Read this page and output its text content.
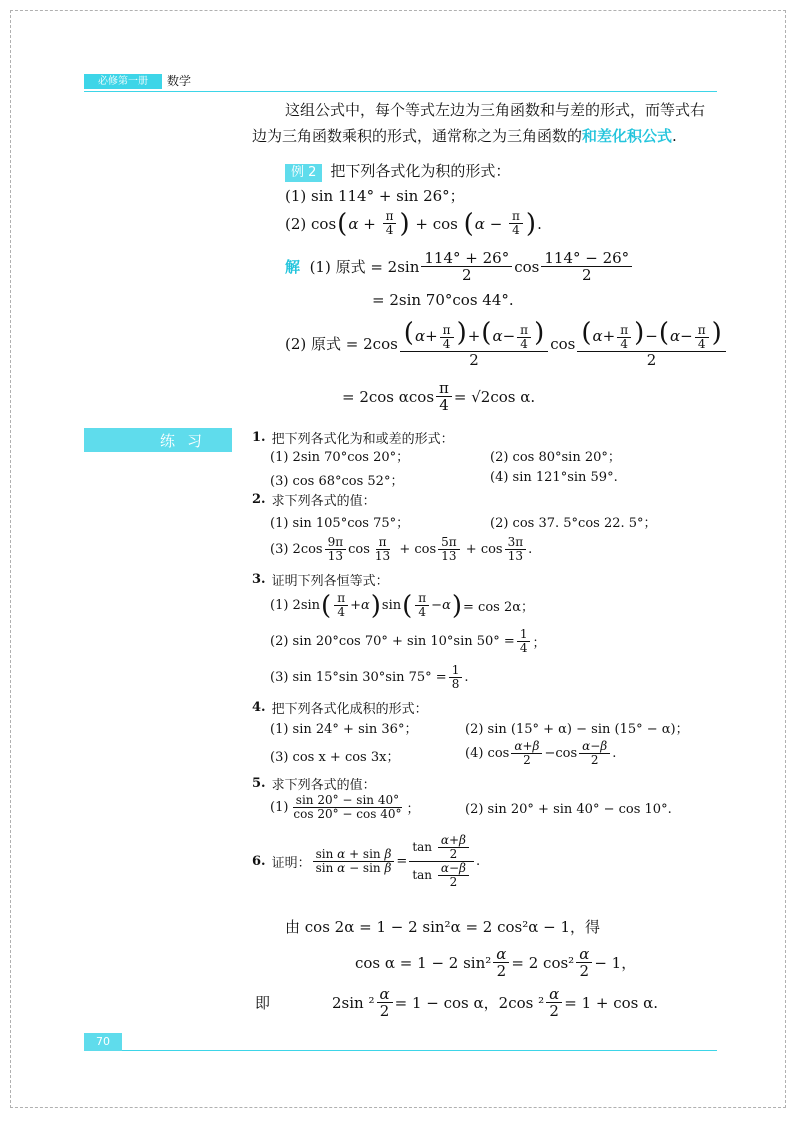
必修第一册	数学
这组公式中，每个等式左边为三角函数和与差的形式，而等式右
边为三角函数乘积的形式，通常称之为三角函数的和差化积公式.
例 2 把下列各式化为积的形式：
(1) sin 114° + sin 26°；
(2) cos ( $\alpha + \frac{\pi}{4}$ ) + cos ( $\alpha - \frac{\pi}{4}$ ) .
解
(1) 原式 = $2\sin \frac{114^\circ + 26^\circ}{2}$ $\cos \frac{114^\circ - 26^\circ}{2}$
= 2sin 70°cos 44°.
(2) 原式 = $2\cos \frac{(\alpha+ \frac{\pi}{4} )+(\alpha- \frac{\pi}{4} )}{2}$ $\cos \frac{(\alpha+ \frac{\pi}{4} )-(\alpha- \frac{\pi}{4} )}{2}$
= 2cos αcos $\frac{\pi}{4} = √2\cos$ α.
练习	1. 把下列各式化为和或差的形式：
(1) 2sin 70°cos 20°；	(2) cos 80°sin 20°；
(3) cos 68°cos 52°；	(4) sin 121°sin 59°.
2. 求下列各式的值：
(1) sin 105°cos 75°；	(2) cos 37. 5°cos 22. 5°；
(3) $2\cos \frac{9\pi}{13}$ $\cos \frac{\pi}{13} + \cos \frac{5\pi}{13} + \cos \frac{3\pi}{13}$ .
3. 证明下列各恒等式：
(1) 2sin ( $\frac{\pi}{4} + \alpha$ ) sin ( $\frac{\pi}{4} - \alpha$ ) = cos 2α；
(2) sin 20°cos 70° + sin 10°sin $50^\circ = \frac{1}{4}$ ；
(3) sin 15°sin 30°sin $75^\circ = \frac{1}{8}$ .
4. 把下列各式化成积的形式：
(1) sin 24° + sin 36°；	(2) sin (15° + α) − sin (15° − α)；
(3) cos x + cos 3x；	(4) $\cos \frac{\alpha+\beta}{2} -\cos \frac{\alpha-\beta}{2}$ .
5. 求下列各式的值：
$(1) \frac{\sin 20^\circ - \sin 40^\circ}{\cos 20^\circ - \cos 40^\circ}$ ；	(2) sin 20° + sin 40° − cos 10°.
6. 证明： $\frac{\text{sin α + sin β}}{\text{sin α − sin β}} = \frac{\tan \frac{\alpha+\beta}{2}}{\tan \frac{\alpha-\beta}{2}}$ .
由 cos 2α = 1 − 2 sin²α = 2 cos²α − 1，得
cos α = 1 − 2 $\sin^2 \frac{\alpha}{2} = 2$ $\cos^2 \frac{\alpha}{2} - 1$，
即	2sin $^2 \frac{\alpha}{2} = 1 - \cos \alpha$，2cos $^2 \frac{\alpha}{2} = 1 + \cos \alpha$.
70
